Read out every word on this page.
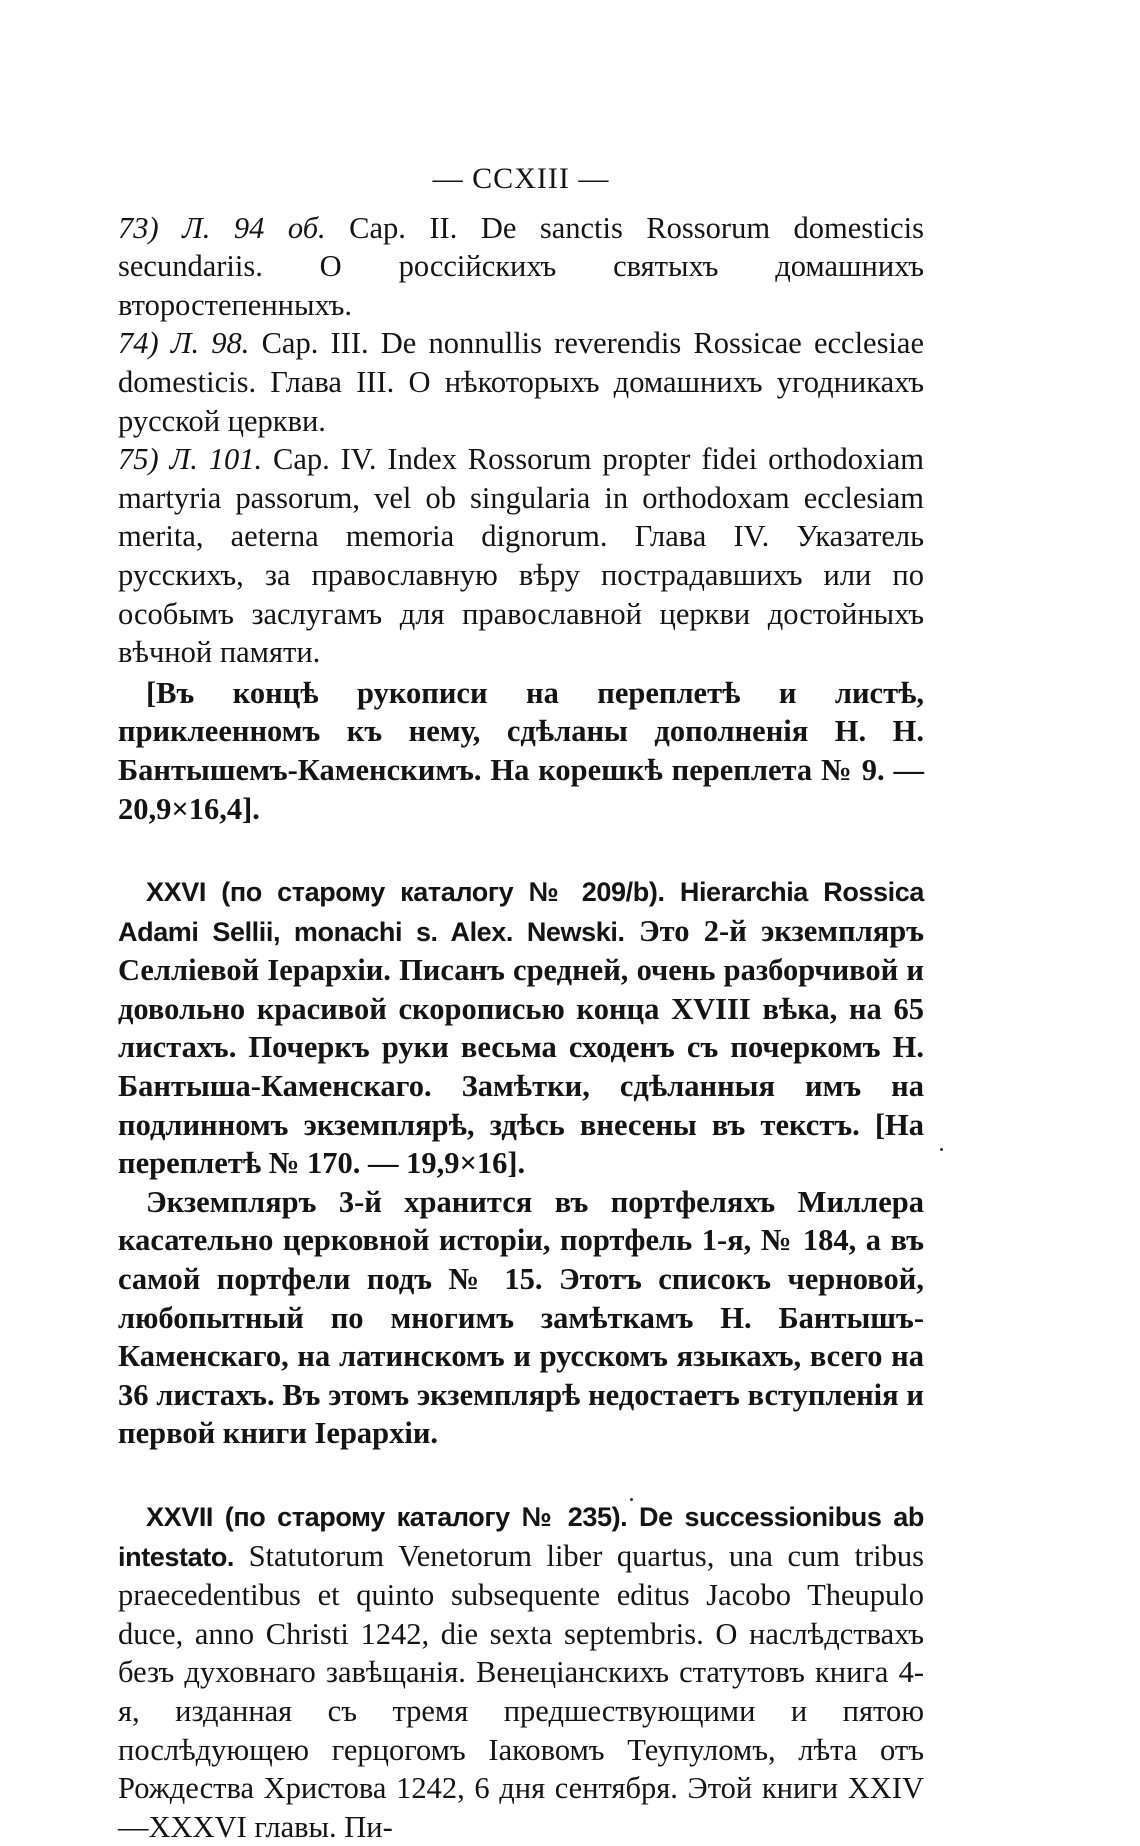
— CCXIII —

73) Л. 94 об. Cap. II. De sanctis Rossorum domesticis secundariis. О россійскихъ святыхъ домашнихъ второстепенныхъ.

74) Л. 98. Cap. III. De nonnullis reverendis Rossicae ecclesiae domesticis. Глава III. О нѣкоторыхъ домашнихъ угодникахъ русской церкви.

75) Л. 101. Cap. IV. Index Rossorum propter fidei orthodoxiam martyria passorum, vel ob singularia in orthodoxam ecclesiam merita, aeterna memoria dignorum. Глава IV. Указатель русскихъ, за православную вѣру пострадавшихъ или по особымъ заслугамъ для православной церкви достойныхъ вѣчной памяти.

[Въ концѣ рукописи на переплетѣ и листѣ, приклеенномъ къ нему, сдѣланы дополненія Н. Н. Бантышемъ-Каменскимъ. На корешкѣ переплета № 9. — 20,9×16,4].

XXVI (по старому каталогу № 209/b). Hierarchia Rossica Adami Sellii, monachi s. Alex. Newski. Это 2-й экземпляръ Селліевой Іерархіи. Писанъ средней, очень разборчивой и довольно красивой скорописью конца XVIII вѣка, на 65 листахъ. Почеркъ руки весьма сходенъ съ почеркомъ Н. Бантыша-Каменскаго. Замѣтки, сдѣланныя имъ на подлинномъ экземплярѣ, здѣсь внесены въ текстъ. [На переплетѣ № 170. — 19,9×16].

Экземпляръ 3-й хранится въ портфеляхъ Миллера касательно церковной исторіи, портфель 1-я, № 184, а въ самой портфели подъ № 15. Этотъ списокъ черновой, любопытный по многимъ замѣткамъ Н. Бантышъ-Каменскаго, на латинскомъ и русскомъ языкахъ, всего на 36 листахъ. Въ этомъ экземплярѣ недостаетъ вступленія и первой книги Іерархіи.

XXVII (по старому каталогу № 235). De successionibus ab intestato. Statutorum Venetorum liber quartus, una cum tribus praecedentibus et quinto subsequente editus Jacobo Theupulo duce, anno Christi 1242, die sexta septembris. О наслѣдствахъ безъ духовнаго завѣщанія. Венеціанскихъ статутовъ книга 4-я, изданная съ тремя предшествующими и пятою послѣдующею герцогомъ Іаковомъ Теупуломъ, лѣта отъ Рождества Христова 1242, 6 дня сентября. Этой книги XXIV—XXXVI главы. Пи-
